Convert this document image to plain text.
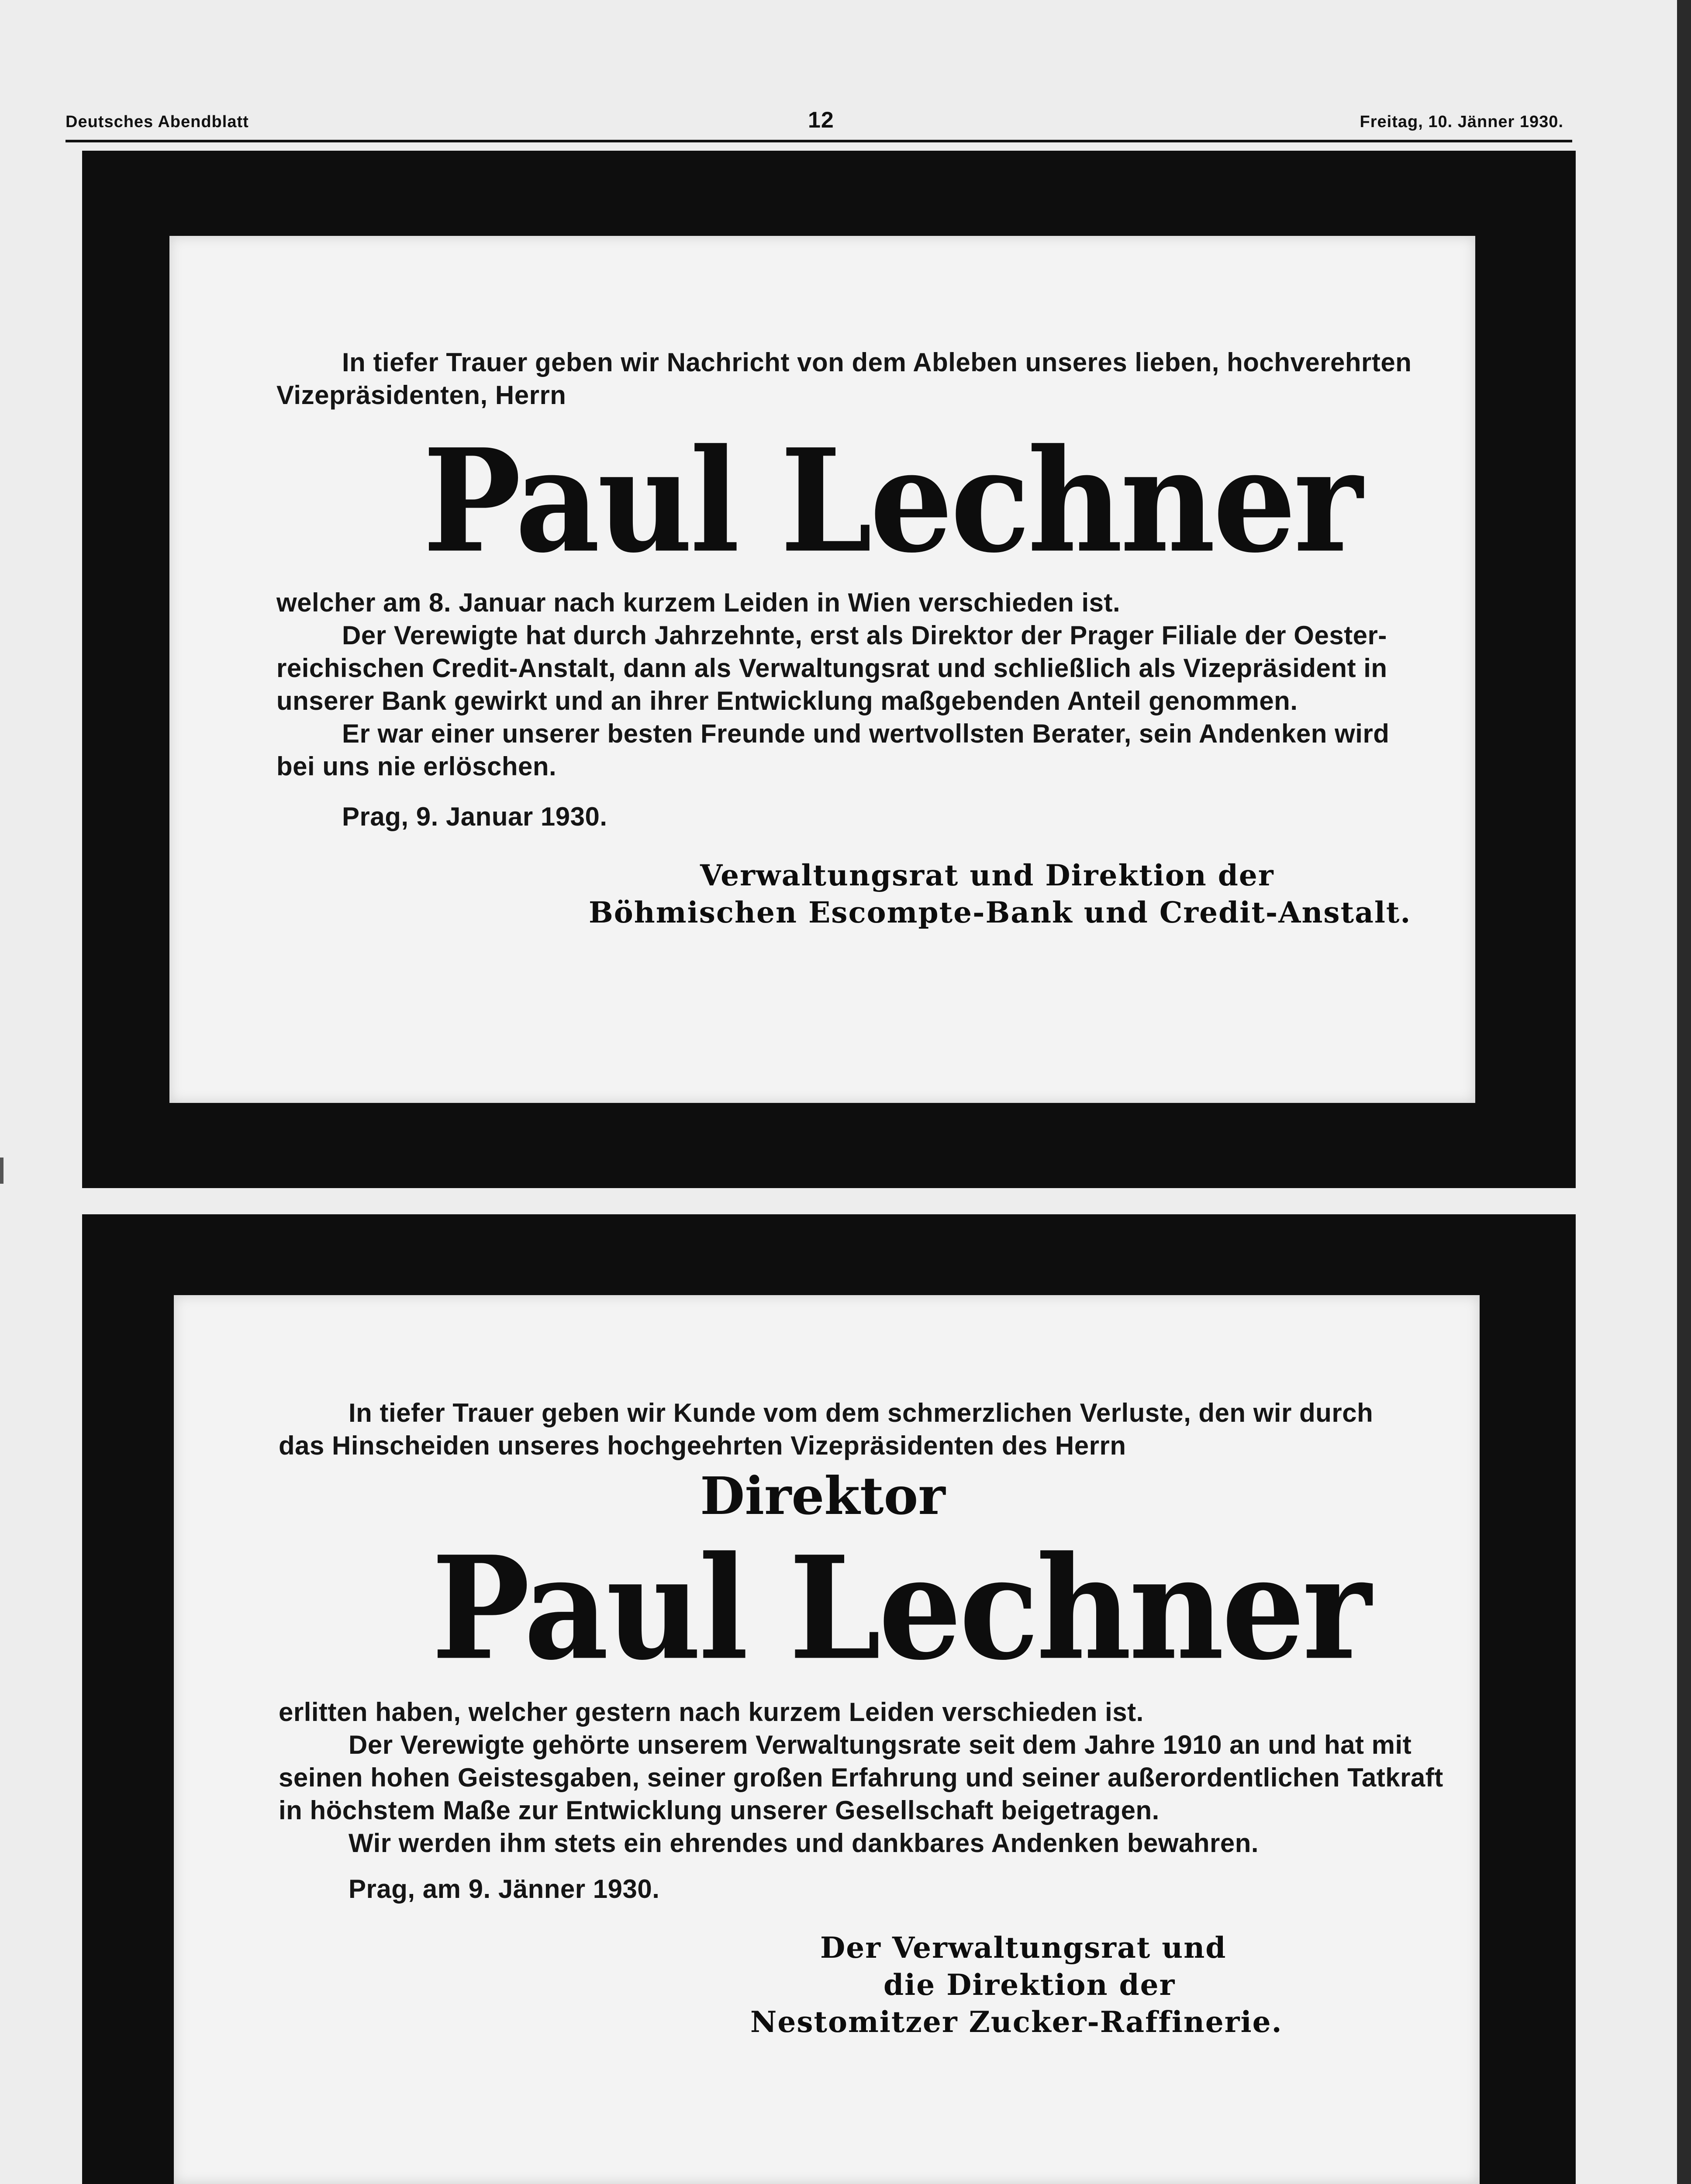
Deutsches Abendblatt	12	Freitag, 10. Jänner 1930.
In tiefer Trauer geben wir Nachricht von dem Ableben unseres lieben, hochverehrten
Vizepräsidenten, Herrn
Paul Lechner
welcher am 8. Januar nach kurzem Leiden in Wien verschieden ist.
Der Verewigte hat durch Jahrzehnte, erst als Direktor der Prager Filiale der Oester-
reichischen Credit-Anstalt, dann als Verwaltungsrat und schließlich als Vizepräsident in
unserer Bank gewirkt und an ihrer Entwicklung maßgebenden Anteil genommen.
Er war einer unserer besten Freunde und wertvollsten Berater, sein Andenken wird
bei uns nie erlöschen.
Prag, 9. Januar 1930.
Verwaltungsrat und Direktion der
Böhmischen Escompte-Bank und Credit-Anstalt.
In tiefer Trauer geben wir Kunde vom dem schmerzlichen Verluste, den wir durch
das Hinscheiden unseres hochgeehrten Vizepräsidenten des Herrn
Direktor
Paul Lechner
erlitten haben, welcher gestern nach kurzem Leiden verschieden ist.
Der Verewigte gehörte unserem Verwaltungsrate seit dem Jahre 1910 an und hat mit
seinen hohen Geistesgaben, seiner großen Erfahrung und seiner außerordentlichen Tatkraft
in höchstem Maße zur Entwicklung unserer Gesellschaft beigetragen.
Wir werden ihm stets ein ehrendes und dankbares Andenken bewahren.
Prag, am 9. Jänner 1930.
Der Verwaltungsrat und
die Direktion der
Nestomitzer Zucker-Raffinerie.
